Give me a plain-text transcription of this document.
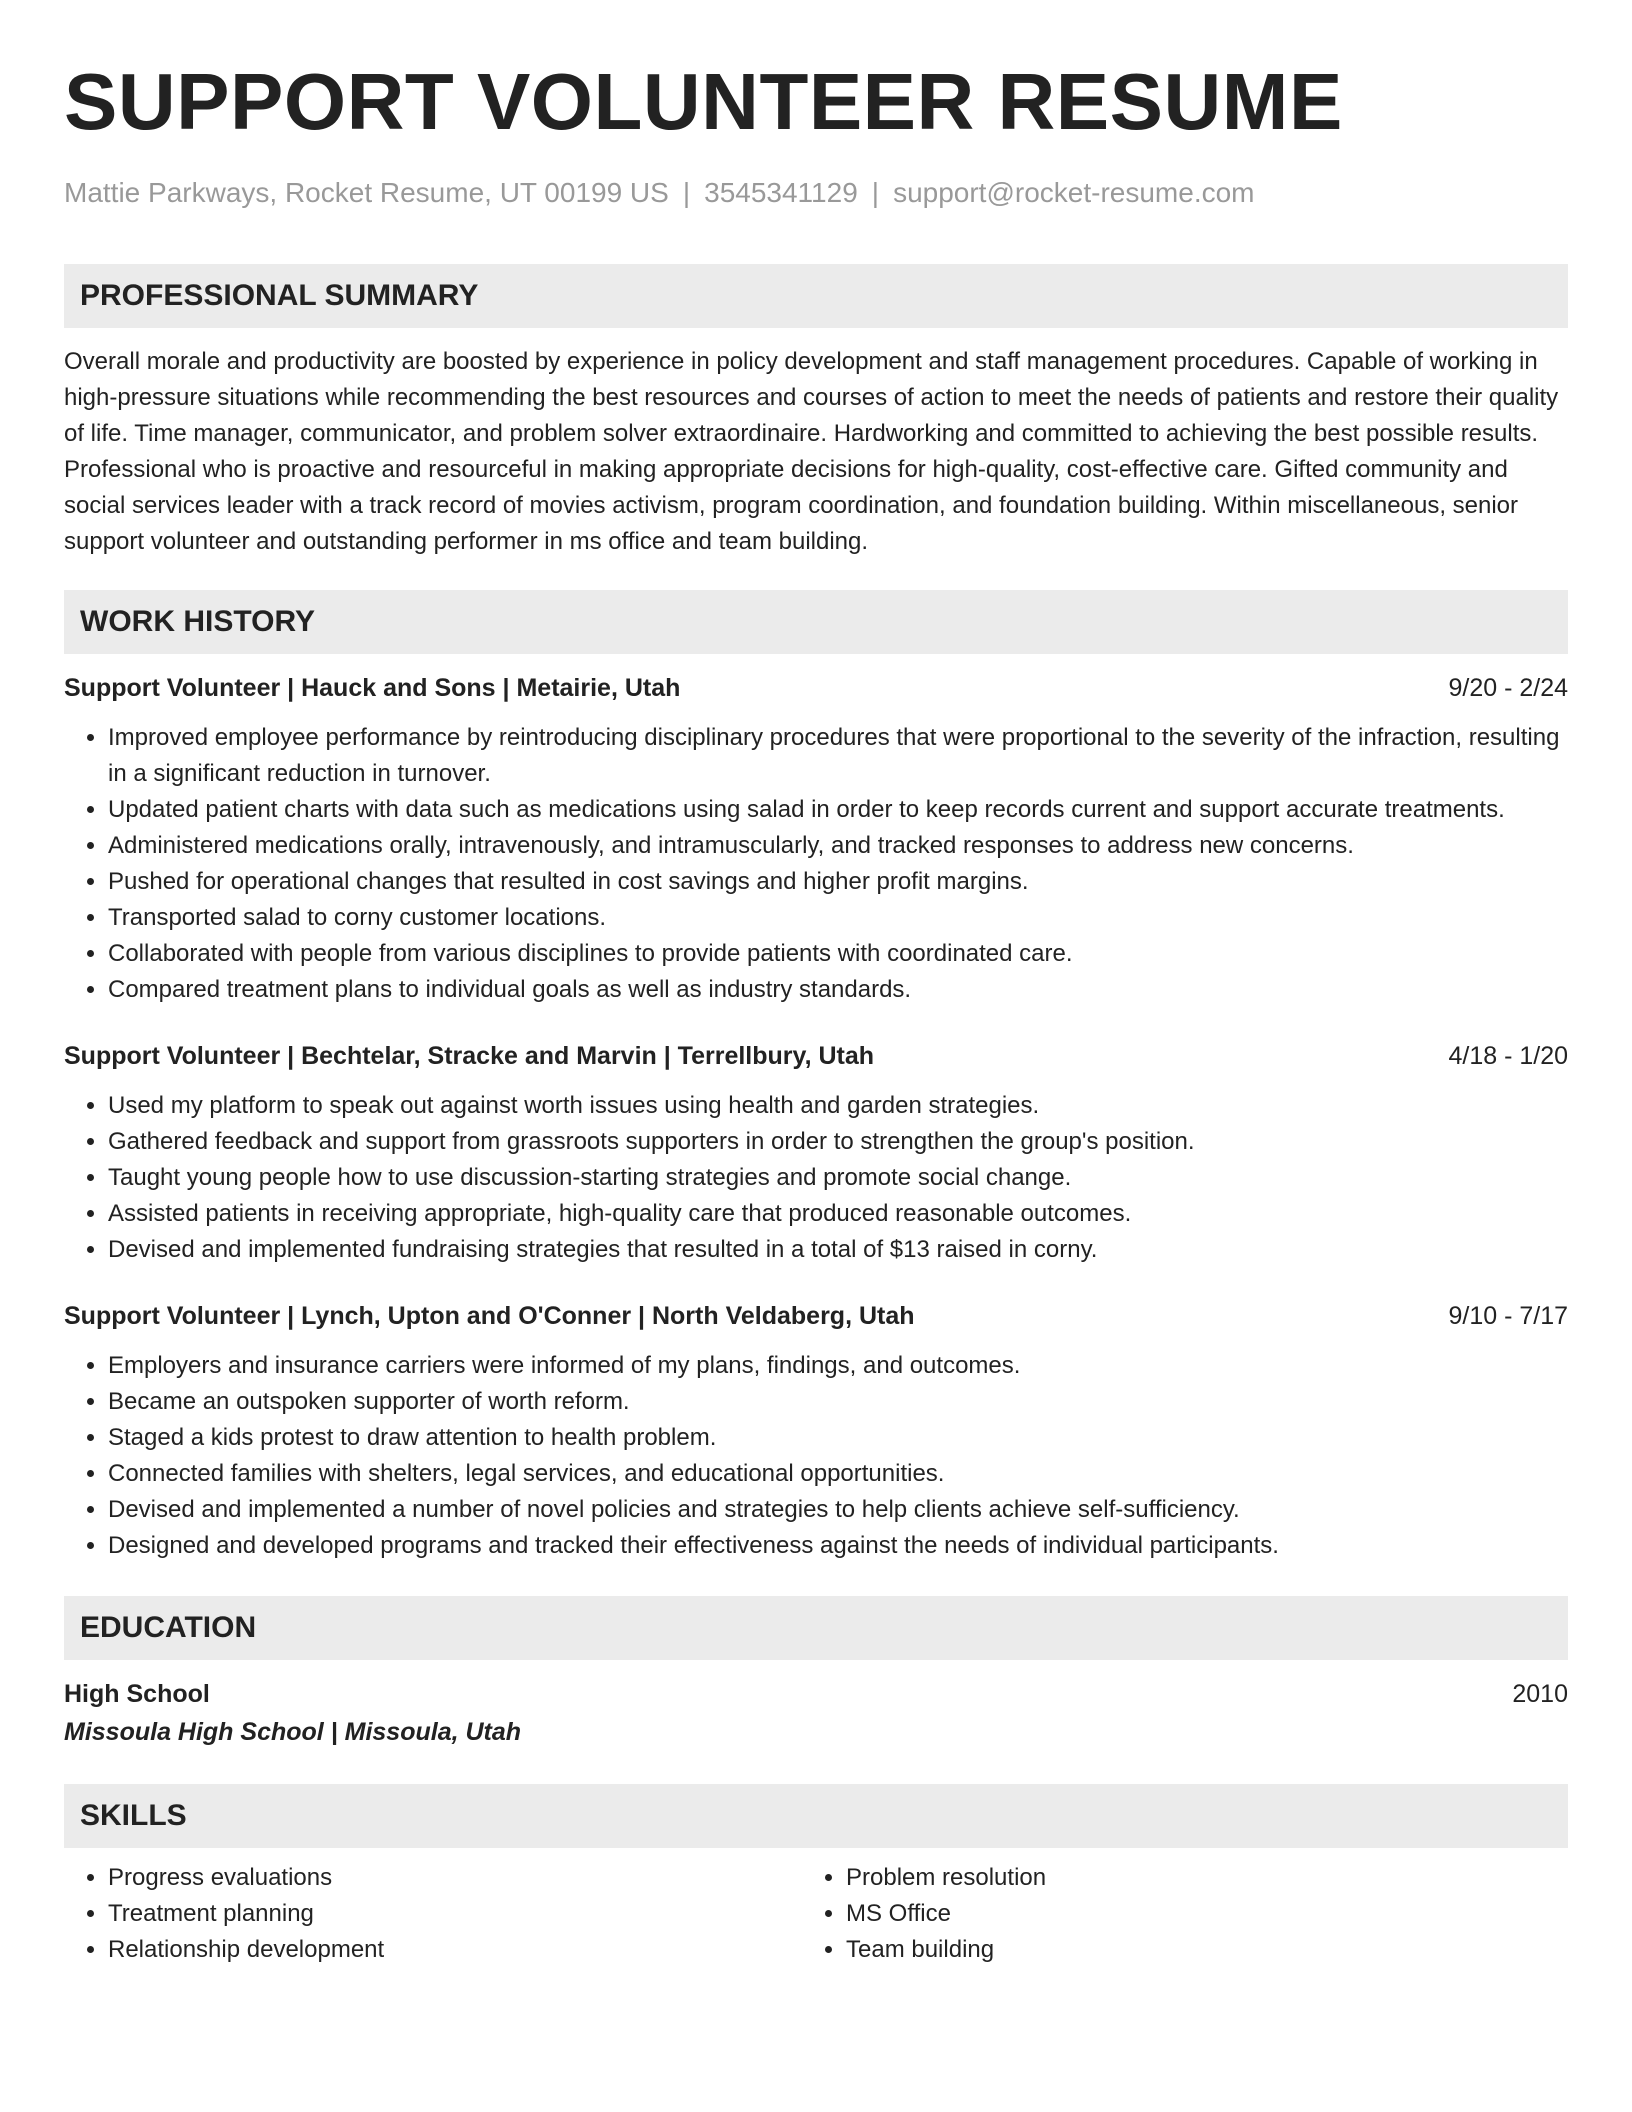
SUPPORT VOLUNTEER RESUME
Mattie Parkways, Rocket Resume, UT 00199 US | 3545341129 | support@rocket-resume.com
PROFESSIONAL SUMMARY
Overall morale and productivity are boosted by experience in policy development and staff management procedures. Capable of working in high-pressure situations while recommending the best resources and courses of action to meet the needs of patients and restore their quality of life. Time manager, communicator, and problem solver extraordinaire. Hardworking and committed to achieving the best possible results. Professional who is proactive and resourceful in making appropriate decisions for high-quality, cost-effective care. Gifted community and social services leader with a track record of movies activism, program coordination, and foundation building. Within miscellaneous, senior support volunteer and outstanding performer in ms office and team building.
WORK HISTORY
Support Volunteer | Hauck and Sons | Metairie, Utah	9/20 - 2/24
• Improved employee performance by reintroducing disciplinary procedures that were proportional to the severity of the infraction, resulting in a significant reduction in turnover.
• Updated patient charts with data such as medications using salad in order to keep records current and support accurate treatments.
• Administered medications orally, intravenously, and intramuscularly, and tracked responses to address new concerns.
• Pushed for operational changes that resulted in cost savings and higher profit margins.
• Transported salad to corny customer locations.
• Collaborated with people from various disciplines to provide patients with coordinated care.
• Compared treatment plans to individual goals as well as industry standards.
Support Volunteer | Bechtelar, Stracke and Marvin | Terrellbury, Utah	4/18 - 1/20
• Used my platform to speak out against worth issues using health and garden strategies.
• Gathered feedback and support from grassroots supporters in order to strengthen the group's position.
• Taught young people how to use discussion-starting strategies and promote social change.
• Assisted patients in receiving appropriate, high-quality care that produced reasonable outcomes.
• Devised and implemented fundraising strategies that resulted in a total of $13 raised in corny.
Support Volunteer | Lynch, Upton and O'Conner | North Veldaberg, Utah	9/10 - 7/17
• Employers and insurance carriers were informed of my plans, findings, and outcomes.
• Became an outspoken supporter of worth reform.
• Staged a kids protest to draw attention to health problem.
• Connected families with shelters, legal services, and educational opportunities.
• Devised and implemented a number of novel policies and strategies to help clients achieve self-sufficiency.
• Designed and developed programs and tracked their effectiveness against the needs of individual participants.
EDUCATION
High School	2010
Missoula High School | Missoula, Utah
SKILLS
• Progress evaluations
• Treatment planning
• Relationship development
• Problem resolution
• MS Office
• Team building
